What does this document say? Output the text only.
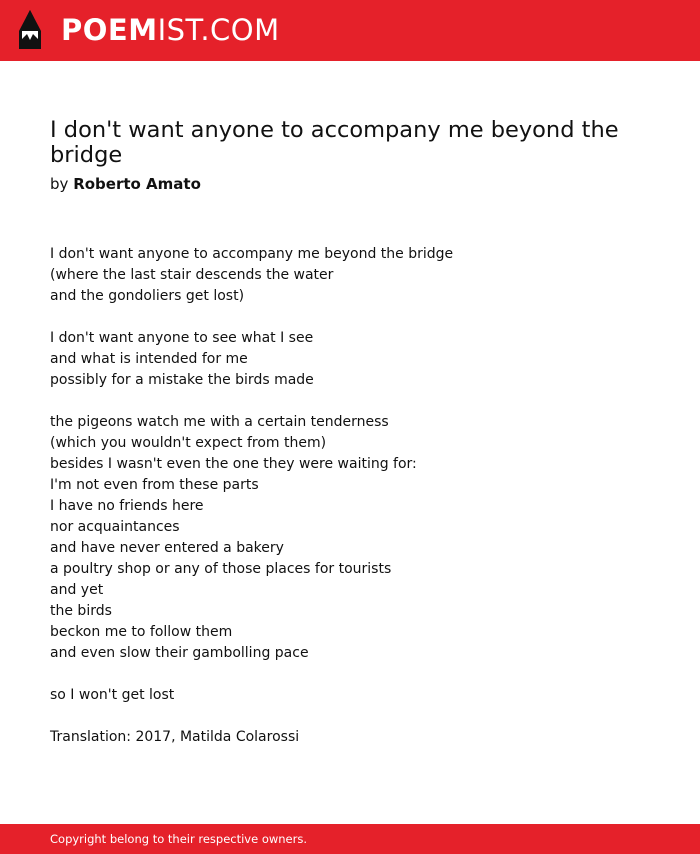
POEMIST.COM
I don't want anyone to accompany me beyond the bridge
by Roberto Amato
I don't want anyone to accompany me beyond the bridge
(where the last stair descends the water
and the gondoliers get lost)
I don't want anyone to see what I see
and what is intended for me
possibly for a mistake the birds made
the pigeons watch me with a certain tenderness
(which you wouldn't expect from them)
besides I wasn't even the one they were waiting for:
I'm not even from these parts
I have no friends here
nor acquaintances
and have never entered a bakery
a poultry shop or any of those places for tourists
and yet
the birds
beckon me to follow them
and even slow their gambolling pace
so I won't get lost
Translation: 2017, Matilda Colarossi
Copyright belong to their respective owners.
